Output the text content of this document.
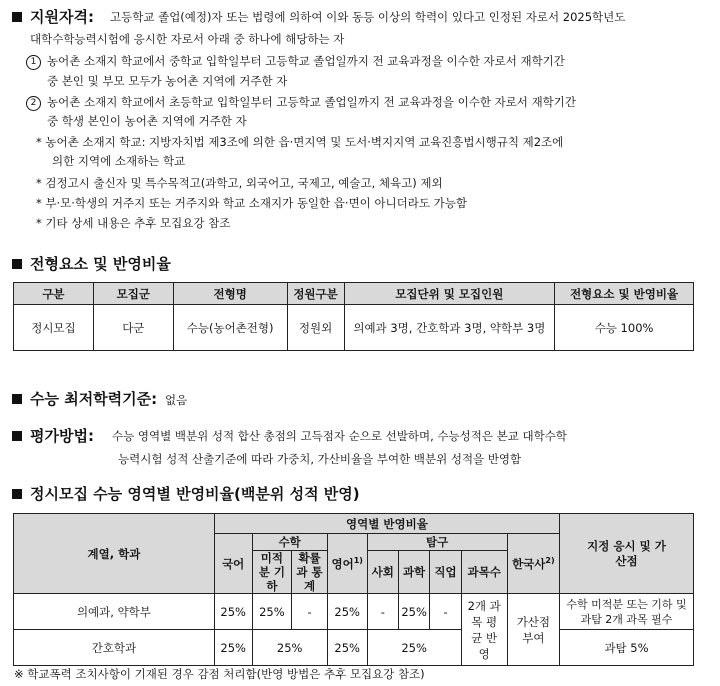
지원자격: 고등학교 졸업(예정)자 또는 법령에 의하여 이와 동등 이상의 학력이 있다고 인정된 자로서 2025학년도
대학수학능력시험에 응시한 자로서 아래 중 하나에 해당하는 자
1 농어촌 소재지 학교에서 중학교 입학일부터 고등학교 졸업일까지 전 교육과정을 이수한 자로서 재학기간
중 본인 및 부모 모두가 농어촌 지역에 거주한 자
2 농어촌 소재지 학교에서 초등학교 입학일부터 고등학교 졸업일까지 전 교육과정을 이수한 자로서 재학기간
중 학생 본인이 농어촌 지역에 거주한 자
* 농어촌 소재지 학교: 지방자치법 제3조에 의한 읍·면지역 및 도서·벽지지역 교육진흥법시행규칙 제2조에
의한 지역에 소재하는 학교
* 검정고시 출신자 및 특수목적고(과학고, 외국어고, 국제고, 예술고, 체육고) 제외
* 부·모·학생의 거주지 또는 거주지와 학교 소재지가 동일한 읍·면이 아니더라도 가능함
* 기타 상세 내용은 추후 모집요강 참조
전형요소 및 반영비율
구분	모집군	전형명	정원구분	모집단위 및 모집인원	전형요소 및 반영비율
정시모집	다군	수능(농어촌전형)	정원외	의예과 3명, 간호학과 3명, 약학부 3명	수능 100%
수능 최저학력기준: 없음
평가방법: 수능 영역별 백분위 성적 합산 총점의 고득점자 순으로 선발하며, 수능성적은 본교 대학수학
능력시험 성적 산출기준에 따라 가중치, 가산비율을 부여한 백분위 성적을 반영함
정시모집 수능 영역별 반영비율(백분위 성적 반영)
계열, 학과	영역별 반영비율									지정 응시 및 가산점
	국어	수학		영어$^{1)}$	탐구				한국사$^{2)}$
		미적분 기하	확률과 통계		사회	과학	직업	과목수		

의예과, 약학부	25%	25%	-	25%	-	25%	-	2개 과목 평균 반영	가산점 부여	수학 미적분 또는 기하 및 과탐 2개 과목 필수
간호학과	25%	25%		25%	25%					과탐 5%
※ 학교폭력 조치사항이 기재된 경우 감점 처리함(반영 방법은 추후 모집요강 참조)
